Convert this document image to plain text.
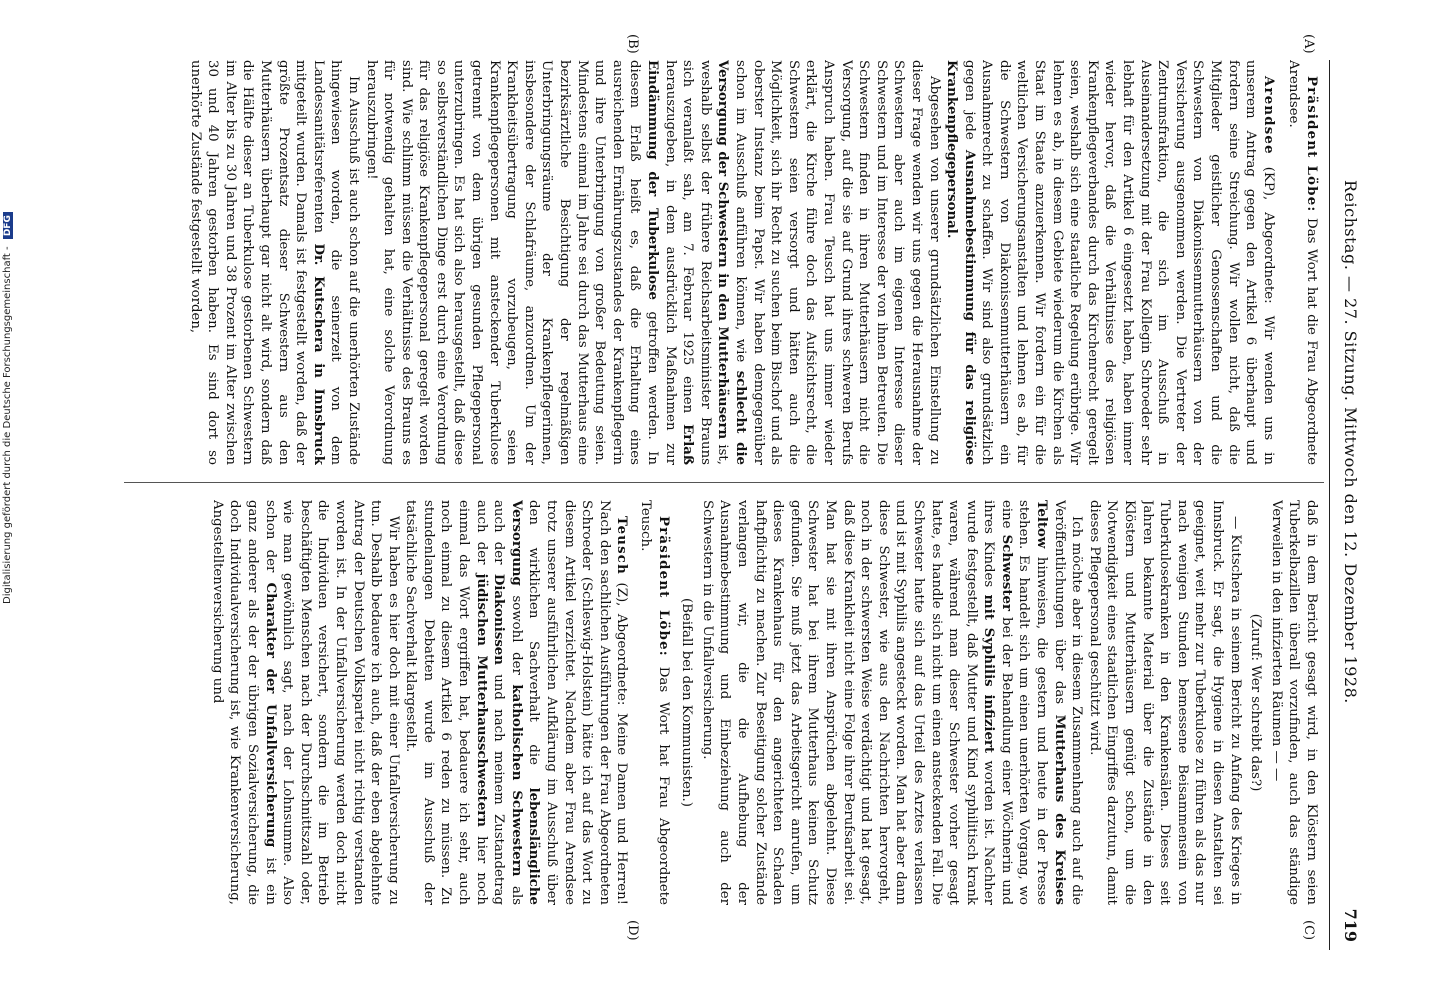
Reichstag. — 27. Sitzung. Mittwoch den 12. Dezember 1928.
719
(A)
(B)
(C)
(D)

Präsident Löbe: Das Wort hat die Frau Abgeordnete Arendsee.

Arendsee (KP), Abgeordnete: Wir wenden uns in unserem Antrag gegen den Artikel 6 überhaupt und fordern seine Streichung. Wir wollen nicht, daß die Mitglieder geistlicher Genossenschaften und die Schwestern von Diakonissenmutterhäusern von der Versicherung ausgenommen werden. Die Vertreter der Zentrumsfraktion, die sich im Ausschuß in Auseinandersetzung mit der Frau Kollegin Schroeder sehr lebhaft für den Artikel 6 eingesetzt haben, haben immer wieder hervor, daß die Verhältnisse des religiösen Krankenpflegeverbandes durch das Kirchenrecht geregelt seien, weshalb sich eine staatliche Regelung erübrige. Wir lehnen es ab, in diesem Gebiete wiederum die Kirchen als Staat im Staate anzuerkennen. Wir fordern ein für die weltlichen Versicherungsanstalten und lehnen es ab, für die Schwestern von Diakonissenmutterhäusern ein Ausnahmerecht zu schaffen. Wir sind also grundsätzlich gegen jede Ausnahmebestimmung für das religiöse Krankenpflegepersonal.

Abgesehen von unserer grundsätzlichen Einstellung zu dieser Frage wenden wir uns gegen die Herausnahme der Schwestern aber auch im eigenen Interesse dieser Schwestern und im Interesse der von ihnen Betreuten. Die Schwestern finden in ihren Mutterhäusern nicht die Versorgung, auf die sie auf Grund ihres schweren Berufs Anspruch haben. Frau Teusch hat uns immer wieder erklärt, die Kirche führe doch das Aufsichtsrecht, die Schwestern seien versorgt und hätten auch die Möglichkeit, sich ihr Recht zu suchen beim Bischof und als oberster Instanz beim Papst. Wir haben demgegenüber schon im Ausschuß anführen können, wie schlecht die Versorgung der Schwestern in den Mutterhäusern ist, weshalb selbst der frühere Reichsarbeitsminister Brauns sich veranlaßt sah, am 7. Februar 1925 einen Erlaß herauszugeben, in dem ausdrücklich Maßnahmen zur Eindämmung der Tuberkulose getroffen werden. In diesem Erlaß heißt es, daß die Erhaltung eines ausreichenden Ernährungszustandes der Krankenpflegerin und ihre Unterbringung von großer Bedeutung seien. Mindestens einmal im Jahre sei durch das Mutterhaus eine bezirksärztliche Besichtigung der regelmäßigen Unterbringungsräume der Krankenpflegerinnen, insbesondere der Schlafräume, anzuordnen. Um der Krankheitsübertragung vorzubeugen, seien Krankenpflegepersonen mit ansteckender Tuberkulose getrennt von dem übrigen gesunden Pflegepersonal unterzubringen. Es hat sich also herausgestellt, daß diese so selbstverständlichen Dinge erst durch eine Verordnung für das religiöse Krankenpflegepersonal geregelt worden sind. Wie schlimm müssen die Verhältnisse des Brauns es für notwendig gehalten hat, eine solche Verordnung herauszubringen!

Im Ausschuß ist auch schon auf die unerhörten Zustände hingewiesen worden, die seinerzeit von dem Landessanitätsreferenten Dr. Kutschera in Innsbruck mitgeteilt wurden. Damals ist festgestellt worden, daß der größte Prozentsatz dieser Schwestern aus den Mutterhäusern überhaupt gar nicht alt wird, sondern daß die Hälfte dieser an Tuberkulose gestorbenen Schwestern im Alter bis zu 30 Jahren und 38 Prozent im Alter zwischen 30 und 40 Jahren gestorben haben. Es sind dort so unerhörte Zustände festgestellt worden,

daß in dem Bericht gesagt wird, in den Klöstern seien Tuberkelbazillen überall vorzufinden, auch das ständige Verweilen in den infizierten Räumen — —

(Zuruf: Wer schreibt das?)

— Kutschera in seinem Bericht zu Anfang des Krieges in Innsbruck. Er sagt, die Hygiene in diesen Anstalten sei geeignet, weit mehr zur Tuberkulose zu führen als das nur nach wenigen Stunden bemessene Beisammensein von Tuberkulosekranken in den Krankensälen. Dieses seit Jahren bekannte Material über die Zustände in den Klöstern und Mutterhäusern genügt schon, um die Notwendigkeit eines staatlichen Eingriffes darzutun, damit dieses Pflegepersonal geschützt wird.

Ich möchte aber in diesem Zusammenhang auch auf die Veröffentlichungen über das Mutterhaus des Kreises Teltow hinweisen, die gestern und heute in der Presse stehen. Es handelt sich um einen unerhörten Vorgang, wo eine Schwester bei der Behandlung einer Wöchnerin und ihres Kindes mit Syphilis infiziert worden ist. Nachher wurde festgestellt, daß Mutter und Kind syphilitisch krank waren, während man dieser Schwester vorher gesagt hatte, es handle sich nicht um einen ansteckenden Fall. Die Schwester hatte sich auf das Urteil des Arztes verlassen und ist mit Syphilis angesteckt worden. Man hat aber dann diese Schwester, wie aus den Nachrichten hervorgeht, noch in der schwersten Weise verdächtigt und hat gesagt, daß diese Krankheit nicht eine Folge ihrer Berufsarbeit sei. Man hat sie mit ihren Ansprüchen abgelehnt. Diese Schwester hat bei ihrem Mutterhaus keinen Schutz gefunden. Sie muß jetzt das Arbeitsgericht anrufen, um dieses Krankenhaus für den angerichteten Schaden haftpflichtig zu machen. Zur Beseitigung solcher Zustände verlangen wir, die die Aufhebung der Ausnahmebestimmung und Einbeziehung auch der Schwestern in die Unfallversicherung.

(Beifall bei den Kommunisten.)

Präsident Löbe: Das Wort hat Frau Abgeordnete Teusch.

Teusch (Z), Abgeordnete: Meine Damen und Herren! Nach den sachlichen Ausführungen der Frau Abgeordneten Schroeder (Schleswig-Holstein) hätte ich auf das Wort zu diesem Artikel verzichtet. Nachdem aber Frau Arendsee trotz unserer ausführlichen Aufklärung im Ausschuß über den wirklichen Sachverhalt die lebenslängliche Versorgung sowohl der katholischen Schwestern als auch der Diakonissen und nach meinem Zustandetrag auch der jüdischen Mutterhausschwestern hier noch einmal das Wort ergriffen hat, bedauere ich sehr, auch noch einmal zu diesem Artikel 6 reden zu müssen. Zu stundenlangen Debatten wurde im Ausschuß der tatsächliche Sachverhalt klargestellt.

Wir haben es hier doch mit einer Unfallversicherung zu tun. Deshalb bedauere ich auch, daß der eben abgelehnte Antrag der Deutschen Volkspartei nicht richtig verstanden worden ist. In der Unfallversicherung werden doch nicht die Individuen versichert, sondern die im Betrieb beschäftigten Menschen nach der Durchschnittszahl oder, wie man gewöhnlich sagt, nach der Lohnsumme. Also schon der Charakter der Unfallversicherung ist ein ganz anderer als der der übrigen Sozialversicherung, die doch Individualversicherung ist, wie Krankenversicherung, Angestelltenversicherung und

Digitalisierung gefördert durch die Deutsche Forschungsgemeinschaft - DFG
